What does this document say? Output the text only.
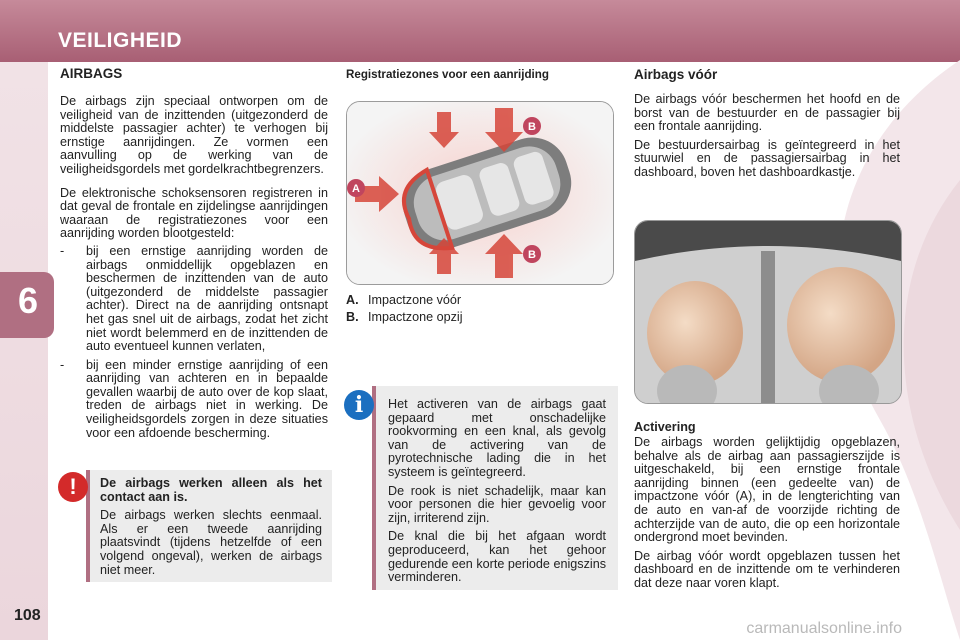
VEILIGHEID
6
108
AIRBAGS

De airbags zijn speciaal ontworpen om de veiligheid van de inzittenden (uitgezonderd de middelste passagier achter) te verhogen bij ernstige aanrijdingen. Ze vormen een aanvulling op de werking van de veiligheidsgordels met gordelkrachtbegrenzers.

De elektronische schoksensoren registreren in dat geval de frontale en zijdelingse aanrijdingen waaraan de registratiezones voor een aanrijding worden blootgesteld:

- bij een ernstige aanrijding worden de airbags onmiddellijk opgeblazen en beschermen de inzittenden van de auto (uitgezonderd de middelste passagier achter). Direct na de aanrijding ontsnapt het gas snel uit de airbags, zodat het zicht niet wordt belemmerd en de inzittenden de auto eventueel kunnen verlaten,
- bij een minder ernstige aanrijding of een aanrijding van achteren en in bepaalde gevallen waarbij de auto over de kop slaat, treden de airbags niet in werking. De veiligheidsgordels zorgen in deze situaties voor een afdoende bescherming.
!	De airbags werken alleen als het contact aan is.

De airbags werken slechts eenmaal. Als er een tweede aanrijding plaatsvindt (tijdens hetzelfde of een volgend ongeval), werken de airbags niet meer.

Registratiezones voor een aanrijding
B
B
A
A. Impactzone vóór
B. Impactzone opzij
i	Het activeren van de airbags gaat gepaard met onschadelijke rookvorming en een knal, als gevolg van de activering van de pyrotechnische lading die in het systeem is geïntegreerd.

De rook is niet schadelijk, maar kan voor personen die hier gevoelig voor zijn, irriterend zijn.

De knal die bij het afgaan wordt geproduceerd, kan het gehoor gedurende een korte periode enigszins verminderen.

Airbags vóór

De airbags vóór beschermen het hoofd en de borst van de bestuurder en de passagier bij een frontale aanrijding.

De bestuurdersairbag is geïntegreerd in het stuurwiel en de passagiersairbag in het dashboard, boven het dashboardkastje.

Activering

De airbags worden gelijktijdig opgeblazen, behalve als de airbag aan passagierszijde is uitgeschakeld, bij een ernstige frontale aanrijding binnen (een gedeelte van) de impactzone vóór (A), in de lengterichting van de auto en van-af de voorzijde richting de achterzijde van de auto, die op een horizontale ondergrond moet bevinden.

De airbag vóór wordt opgeblazen tussen het dashboard en de inzittende om te verhinderen dat deze naar voren klapt.

carmanualsonline.info
